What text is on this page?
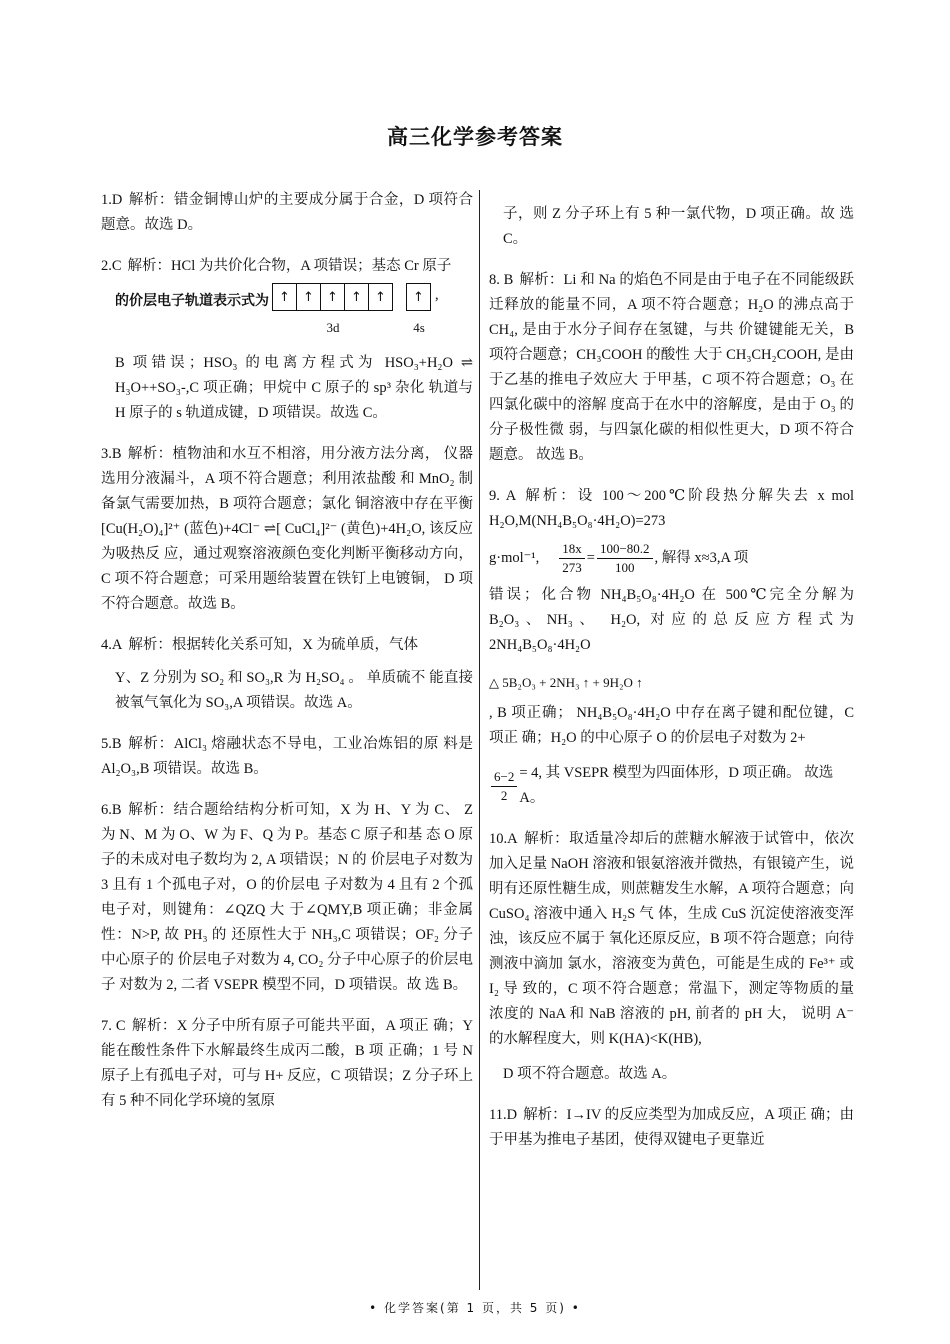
高三化学参考答案

1.D 解析：错金铜博山炉的主要成分属于合金，D 项符合题意。故选 D。

2.C 解析：HCl 为共价化合物，A 项错误；基态 Cr 原子

的价层电子轨道表示式为 ↑	↑	↑	↑	↑
3d
↑
4s
,

B 项错误；HSO₃ 的电离方程式为 HSO₃+H₂O ⇌ H₃O++SO₃-,C 项正确；甲烷中 C 原子的 sp³ 杂化 轨道与 H 原子的 s 轨道成键，D 项错误。故选 C。

3.B 解析：植物油和水互不相溶，用分液方法分离， 仪器选用分液漏斗，A 项不符合题意；利用浓盐酸 和 MnO₂ 制备氯气需要加热，B 项符合题意；氯化 铜溶液中存在平衡[Cu(H₂O)₄]²⁺ (蓝色)+4Cl⁻ ⇌[ CuCl₄]²⁻ (黄色)+4H₂O, 该反应为吸热反 应，通过观察溶液颜色变化判断平衡移动方向，C 项不符合题意；可采用题给装置在铁钉上电镀铜， D 项不符合题意。故选 B。

4.A 解析：根据转化关系可知，X 为硫单质，气体

Y、Z 分别为 SO₂ 和 SO₃,R 为 H₂SO₄ 。 单质硫不 能直接被氧气氧化为 SO₃,A 项错误。故选 A。

5.B 解析：AlCl₃ 熔融状态不导电，工业冶炼铝的原 料是 Al₂O₃,B 项错误。故选 B。

6.B 解析：结合题给结构分析可知，X 为 H、Y 为 C、 Z 为 N、M 为 O、W 为 F、Q 为 P。基态 C 原子和基 态 O 原子的未成对电子数均为 2, A 项错误；N 的 价层电子对数为 3 且有 1 个孤电子对，O 的价层电 子对数为 4 且有 2 个孤电子对，则键角：∠QZQ 大 于∠QMY,B 项正确；非金属性：N>P, 故 PH₃ 的 还原性大于 NH₃,C 项错误；OF₂ 分子中心原子的 价层电子对数为 4, CO₂ 分子中心原子的价层电子 对数为 2, 二者 VSEPR 模型不同，D 项错误。故 选 B。

7. C 解析：X 分子中所有原子可能共平面，A 项正 确；Y 能在酸性条件下水解最终生成丙二酸，B 项 正确；1 号 N 原子上有孤电子对，可与 H+ 反应，C 项错误；Z 分子环上有 5 种不同化学环境的氢原

子，则 Z 分子环上有 5 种一氯代物，D 项正确。故 选 C。

8. B 解析：Li 和 Na 的焰色不同是由于电子在不同能级跃迁释放的能量不同，A 项不符合题意；H₂O 的沸点高于 CH₄, 是由于水分子间存在氢键，与共 价键键能无关，B 项符合题意；CH₃COOH 的酸性 大于 CH₃CH₂COOH, 是由于乙基的推电子效应大 于甲基，C 项不符合题意；O₃ 在四氯化碳中的溶解 度高于在水中的溶解度，是由于 O₃ 的分子极性微 弱，与四氯化碳的相似性更大，D 项不符合题意。 故选 B。

9. A 解析：设 100～200℃阶段热分解失去 x mol H₂O,M(NH₄B₅O₈·4H₂O)=273

g·mol⁻¹, $\frac{18x}{273} = \frac{100-80.2}{100}$ , 解得 x≈3,A 项

错误；化合物 NH₄B₅O₈·4H₂O 在 500℃完全分解为 B₂O₃、NH₃、 H₂O, 对应的总反应方程式为 2NH₄B₅O₈·4H₂O

△ 5B₂O₃ + 2NH₃ ↑ + 9H₂O ↑

, B 项正确； NH₄B₅O₈·4H₂O 中存在离子键和配位键，C 项正 确；H₂O 的中心原子 O 的价层电子对数为 2+

$\frac{6-2}{2} = 4$, 其 VSEPR 模型为四面体形，D 项正确。 故选 A。

10.A 解析：取适量冷却后的蔗糖水解液于试管中，依次加入足量 NaOH 溶液和银氨溶液并微热，有银镜产生，说明有还原性糖生成，则蔗糖发生水解，A 项符合题意；向 CuSO₄ 溶液中通入 H₂S 气 体，生成 CuS 沉淀使溶液变浑浊，该反应不属于 氧化还原反应，B 项不符合题意；向待测液中滴加 氯水，溶液变为黄色，可能是生成的 Fe³⁺ 或 I₂ 导 致的，C 项不符合题意；常温下，测定等物质的量 浓度的 NaA 和 NaB 溶液的 pH, 前者的 pH 大， 说明 A⁻ 的水解程度大，则 K(HA)<K(HB),

D 项不符合题意。故选 A。

11.D 解析：I→IV 的反应类型为加成反应，A 项正 确；由于甲基为推电子基团，使得双键电子更靠近

• 化学答案(第 1 页，共 5 页) •
